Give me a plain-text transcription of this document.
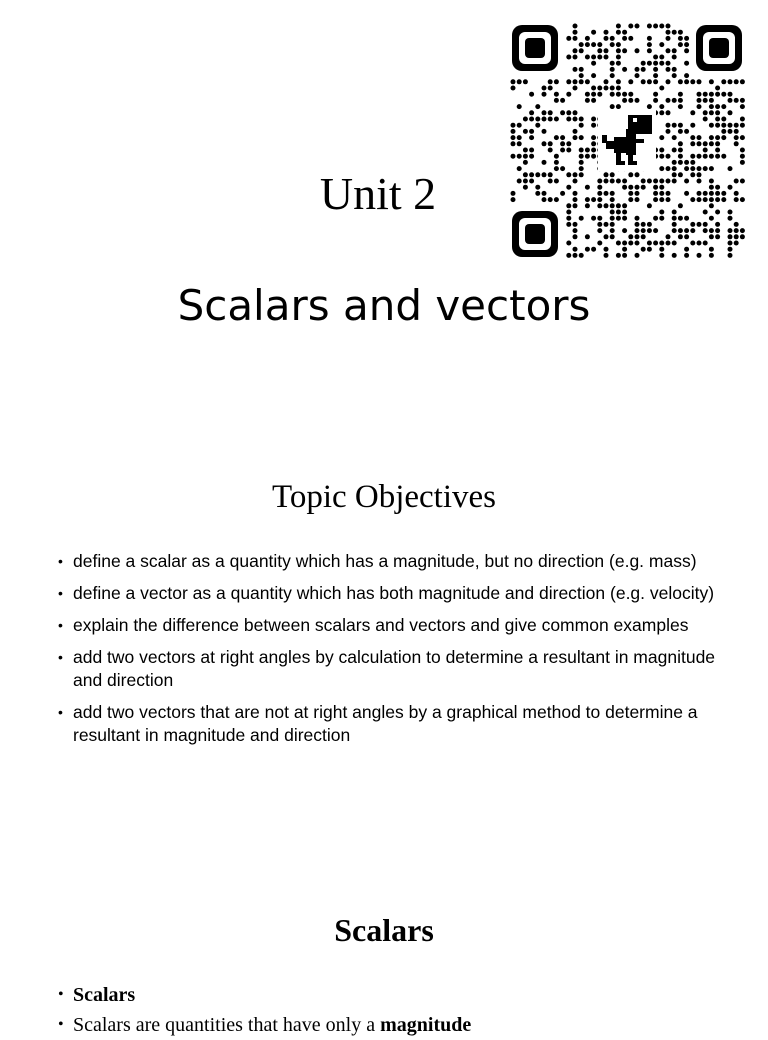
Unit 2
Scalars and vectors
Topic Objectives
• define a scalar as a quantity which has a magnitude, but no direction (e.g. mass)
• define a vector as a quantity which has both magnitude and direction (e.g. velocity)
• explain the difference between scalars and vectors and give common examples
• add two vectors at right angles by calculation to determine a resultant in magnitude and direction
• add two vectors that are not at right angles by a graphical method to determine a resultant in magnitude and direction
Scalars
• Scalars
• Scalars are quantities that have only a magnitude
